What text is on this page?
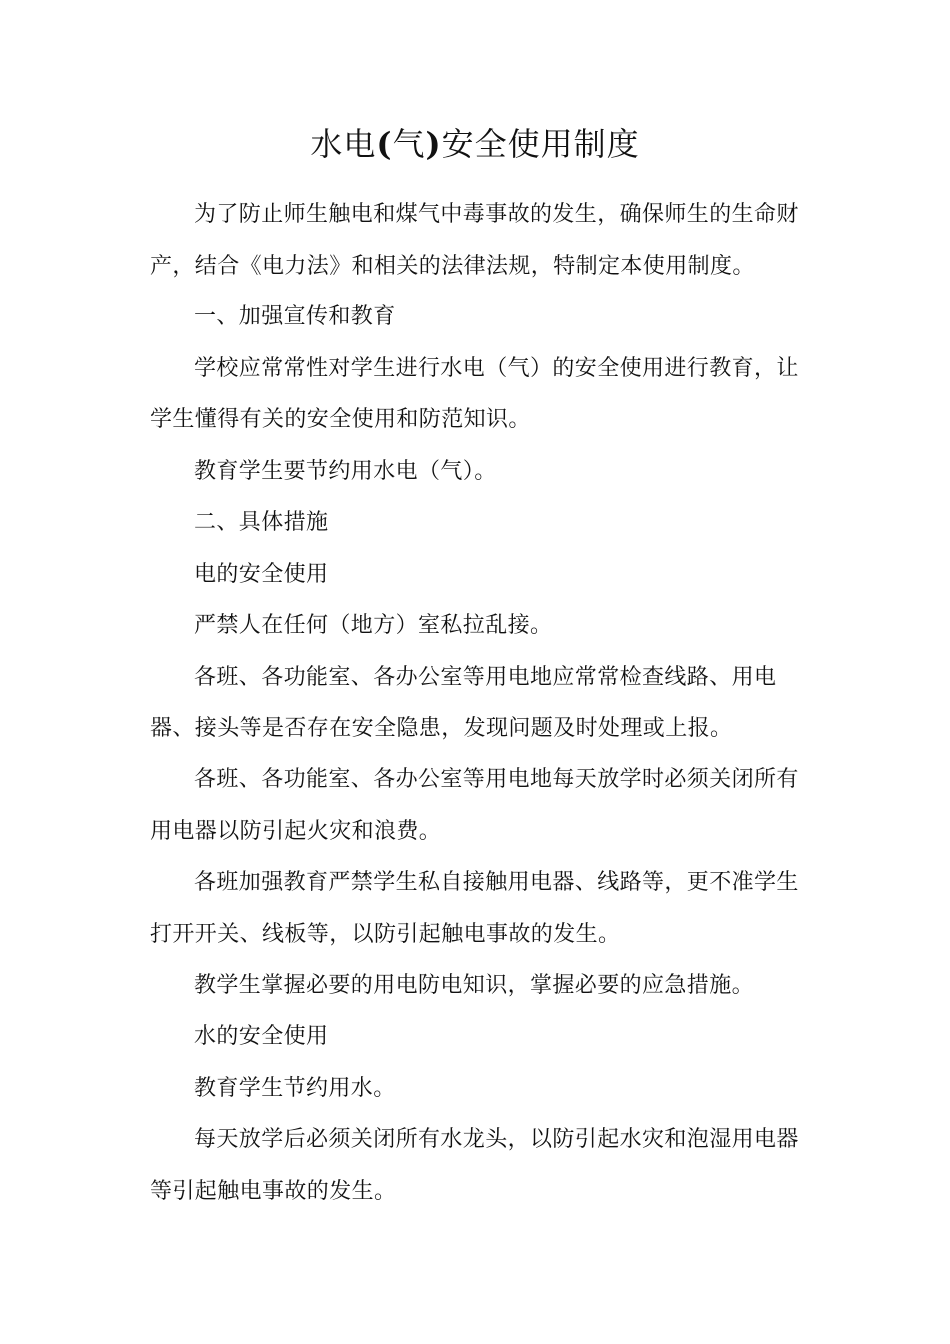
水电(气)安全使用制度
为了防止师生触电和煤气中毒事故的发生，确保师生的生命财
产，结合《电力法》和相关的法律法规，特制定本使用制度。
一、加强宣传和教育
学校应常常性对学生进行水电（气）的安全使用进行教育，让
学生懂得有关的安全使用和防范知识。
教育学生要节约用水电（气）。
二、具体措施
电的安全使用
严禁人在任何（地方）室私拉乱接。
各班、各功能室、各办公室等用电地应常常检查线路、用电
器、接头等是否存在安全隐患，发现问题及时处理或上报。
各班、各功能室、各办公室等用电地每天放学时必须关闭所有
用电器以防引起火灾和浪费。
各班加强教育严禁学生私自接触用电器、线路等，更不准学生
打开开关、线板等，以防引起触电事故的发生。
教学生掌握必要的用电防电知识，掌握必要的应急措施。
水的安全使用
教育学生节约用水。
每天放学后必须关闭所有水龙头，以防引起水灾和泡湿用电器
等引起触电事故的发生。
